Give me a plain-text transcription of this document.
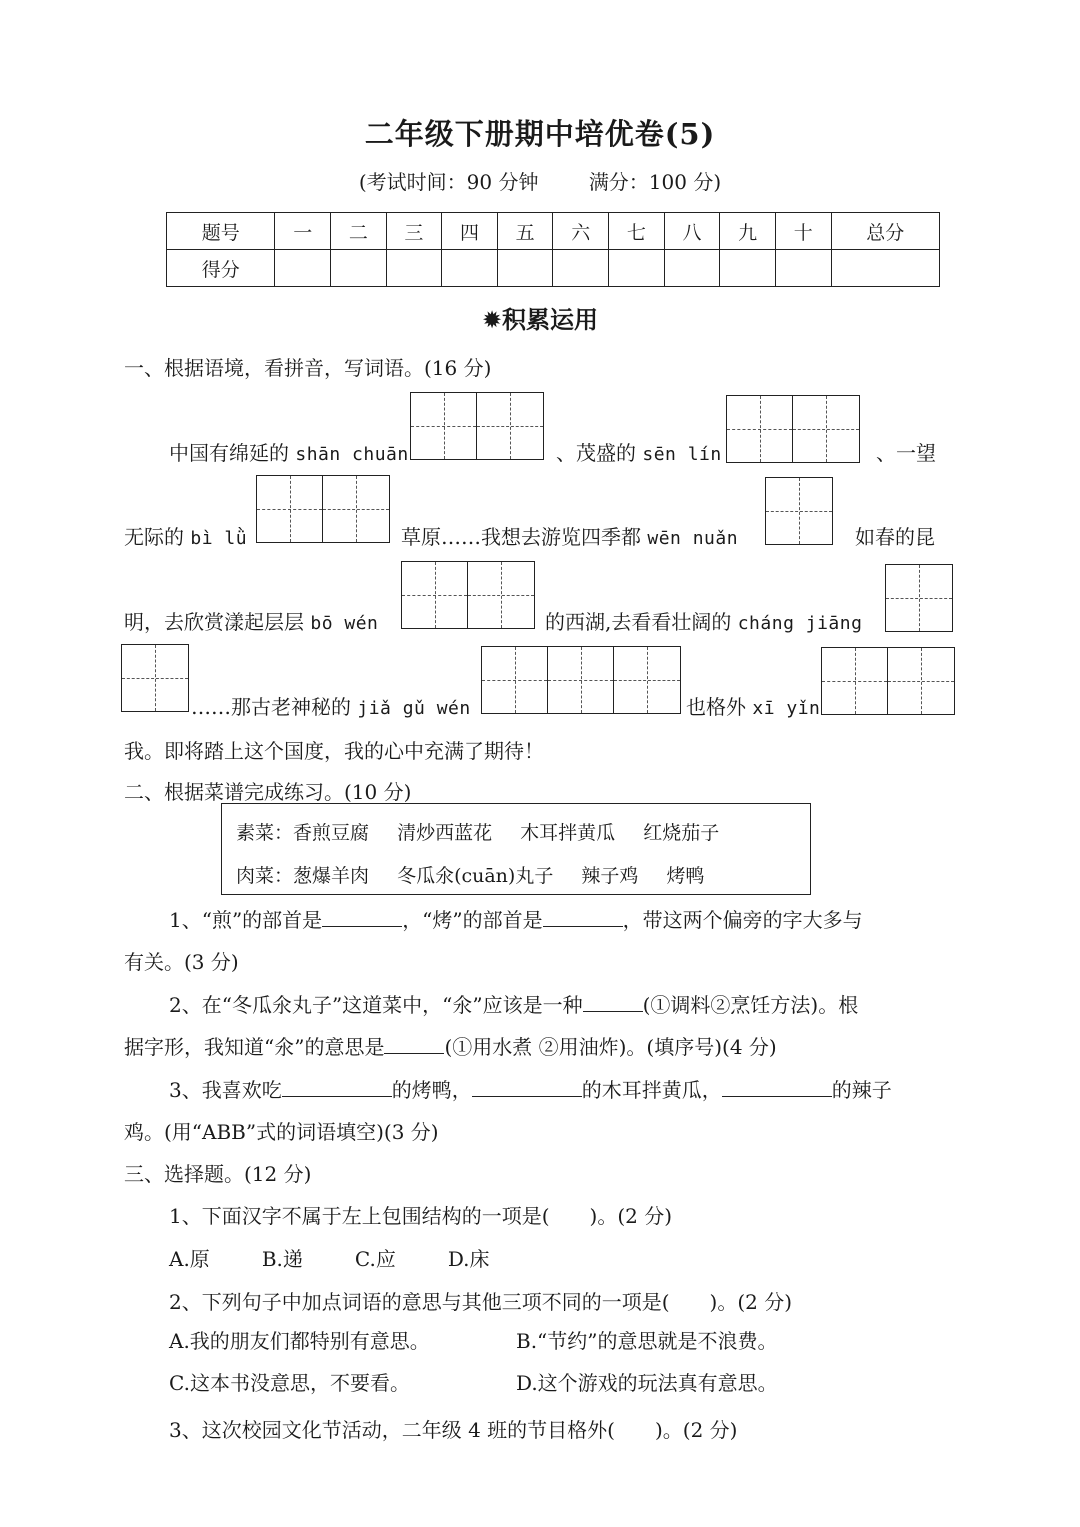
二年级下册期中培优卷(5)
(考试时间：90 分钟	满分：100 分)
题号	一	二	三	四	五	六	七	八	九	十	总分
得分											
✹积累运用
一、根据语境，看拼音，写词语。(16 分)
中国有绵延的 shān chuān	、茂盛的 sēn lín	、一望
无际的 bì lǜ	草原……我想去游览四季都 wēn nuǎn	如春的昆
明，去欣赏漾起层层 bō wén	的西湖,去看看壮阔的 cháng jiāng
……那古老神秘的 jiǎ gǔ wén	也格外 xī yǐn
我。即将踏上这个国度，我的心中充满了期待！
二、根据菜谱完成练习。(10 分)
素菜：香煎豆腐 清炒西蓝花 木耳拌黄瓜 红烧茄子
肉菜：葱爆羊肉 冬瓜氽(cuān)丸子 辣子鸡 烤鸭
1、“煎”的部首是	，“烤”的部首是	，带这两个偏旁的字大多与
有关。(3 分)
2、在“冬瓜氽丸子”这道菜中，“氽”应该是一种	(①调料②烹饪方法)。根
据字形，我知道“氽”的意思是	(①用水煮 ②用油炸)。(填序号)(4 分)
3、我喜欢吃	的烤鸭，	的木耳拌黄瓜，	的辣子
鸡。(用“ABB”式的词语填空)(3 分)
三、选择题。(12 分)
1、下面汉字不属于左上包围结构的一项是(　　)。(2 分)
A.原	B.递	C.应	D.床
2、下列句子中加点词语的意思与其他三项不同的一项是(　　)。(2 分)
A.我的朋友们都特别有意思。	B.“节约”的意思就是不浪费。
C.这本书没意思，不要看。	D.这个游戏的玩法真有意思。
3、这次校园文化节活动，二年级 4 班的节目格外(　　)。(2 分)
